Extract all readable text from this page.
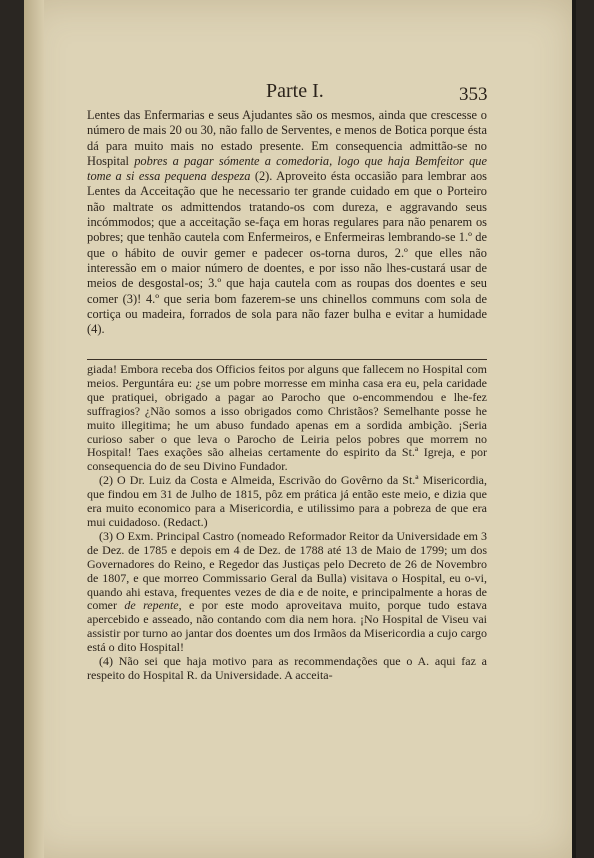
Parte I.	353
Lentes das Enfermarias e seus Ajudantes são os mesmos, ainda que crescesse o número de mais 20 ou 30, não fallo de Serventes, e menos de Botica porque ésta dá para muito mais no estado presente. Em consequencia admittão-se no Hospital pobres a pagar sómente a comedoria, logo que haja Bemfeitor que tome a si essa pequena despeza (2). Aproveito ésta occasião para lembrar aos Lentes da Acceitação que he necessario ter grande cuidado em que o Porteiro não maltrate os admittendos tratando-os com dureza, e aggravando seus incómmodos; que a acceitação se-faça em horas regulares para não penarem os pobres; que tenhão cautela com Enfermeiros, e Enfermeiras lembrando-se 1.º de que o hábito de ouvir gemer e padecer os-torna duros, 2.º que elles não interessão em o maior número de doentes, e por isso não lhes-custará usar de meios de desgostal-os; 3.º que haja cautela com as roupas dos doentes e seu comer (3)! 4.º que seria bom fazerem-se uns chinellos communs com sola de cortiça ou madeira, forrados de sola para não fazer bulha e evitar a humidade (4).

giada! Embora receba dos Officios feitos por alguns que fallecem no Hospital com meios. Perguntára eu: ¿se um pobre morresse em minha casa era eu, pela caridade que pratiquei, obrigado a pagar ao Parocho que o-encommendou e lhe-fez suffragios? ¿Não somos a isso obrigados como Christãos? Semelhante posse he muito illegitima; he um abuso fundado apenas em a sordida ambição. ¡Seria curioso saber o que leva o Parocho de Leiria pelos pobres que morrem no Hospital! Taes exações são alheias certamente do espirito da St.ª Igreja, e por consequencia do de seu Divino Fundador.

(2) O Dr. Luiz da Costa e Almeida, Escrivão do Govêrno da St.ª Misericordia, que findou em 31 de Julho de 1815, pôz em prática já então este meio, e dizia que era muito economico para a Misericordia, e utilissimo para a pobreza de que era mui cuidadoso. (Redact.)

(3) O Exm. Principal Castro (nomeado Reformador Reitor da Universidade em 3 de Dez. de 1785 e depois em 4 de Dez. de 1788 até 13 de Maio de 1799; um dos Governadores do Reino, e Regedor das Justiças pelo Decreto de 26 de Novembro de 1807, e que morreo Commissario Geral da Bulla) visitava o Hospital, eu o-vi, quando ahi estava, frequentes vezes de dia e de noite, e principalmente a horas de comer de repente, e por este modo aproveitava muito, porque tudo estava apercebido e asseado, não contando com dia nem hora. ¡No Hospital de Viseu vai assistir por turno ao jantar dos doentes um dos Irmãos da Misericordia a cujo cargo está o dito Hospital!

(4) Não sei que haja motivo para as recommendações que o A. aqui faz a respeito do Hospital R. da Universidade. A acceita-
